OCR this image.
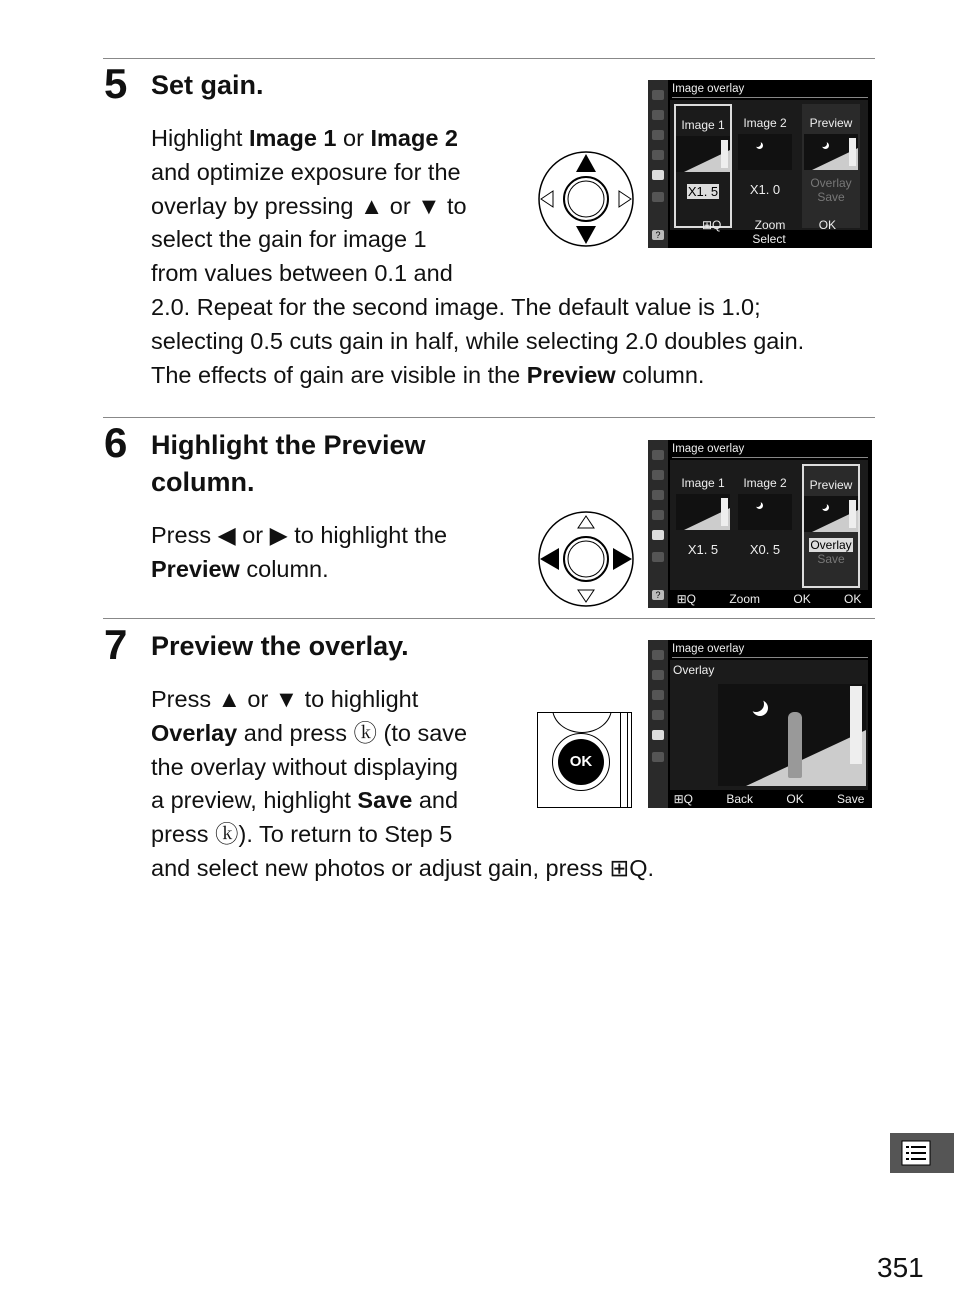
5 Set gain.
Highlight Image 1 or Image 2
and optimize exposure for the
overlay by pressing ▲ or ▼ to
select the gain for image 1
from values between 0.1 and
2.0. Repeat for the second image. The default value is 1.0;
selecting 0.5 cuts gain in half, while selecting 2.0 doubles gain.
The effects of gain are visible in the Preview column.
?
Image overlay
Image 1
X1. 5
Image 2
X1. 0
Preview
Overlay
Save
⊞Q Zoom	OK Select
6 Highlight the Preview
column.
Press ◀ or ▶ to highlight the
Preview column.
?
Image overlay
Image 1
X1. 5
Image 2
X0. 5
Preview
Overlay
Save
⊞Q Zoom	OK OK
7 Preview the overlay.
Press ▲ or ▼ to highlight
Overlay and press ⓚ (to save
the overlay without displaying
a preview, highlight Save and
press ⓚ). To return to Step 5
and select new photos or adjust gain, press ⊞Q.
OK
Image overlay
Overlay
⊞Q Back	OK Save
351
